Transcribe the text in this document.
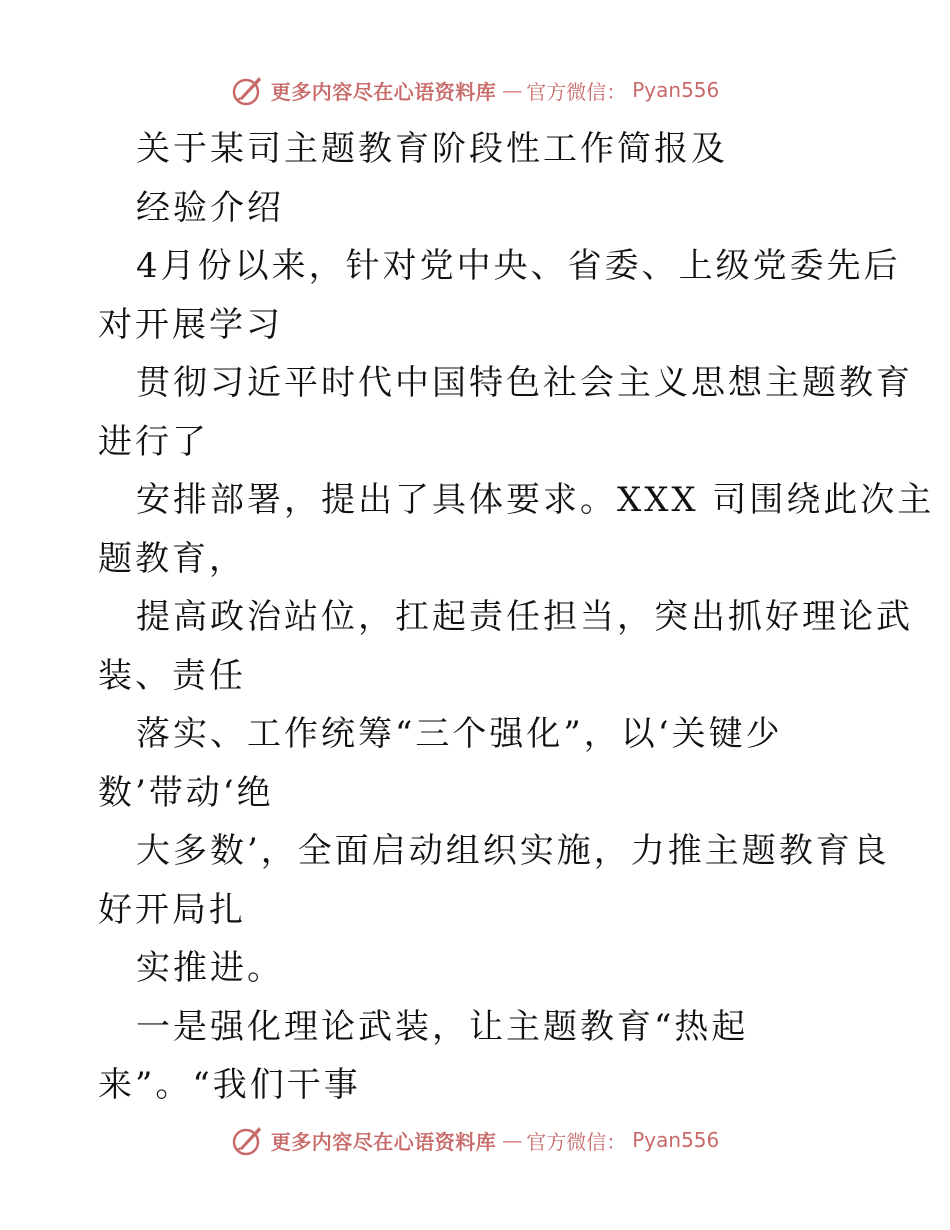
更多内容尽在心语资料库 — 官方微信： Pyan556
关于某司主题教育阶段性工作简报及
经验介绍
4月份以来，针对党中央、省委、上级党委先后
对开展学习
贯彻习近平时代中国特色社会主义思想主题教育
进行了
安排部署，提出了具体要求。XXX 司围绕此次主
题教育，
提高政治站位，扛起责任担当，突出抓好理论武
装、责任
落实、工作统筹“三个强化”，以‘关键少
数’带动‘绝
大多数’，全面启动组织实施，力推主题教育良
好开局扎
实推进。
一是强化理论武装，让主题教育“热起
来”。“我们干事
更多内容尽在心语资料库 — 官方微信： Pyan556
